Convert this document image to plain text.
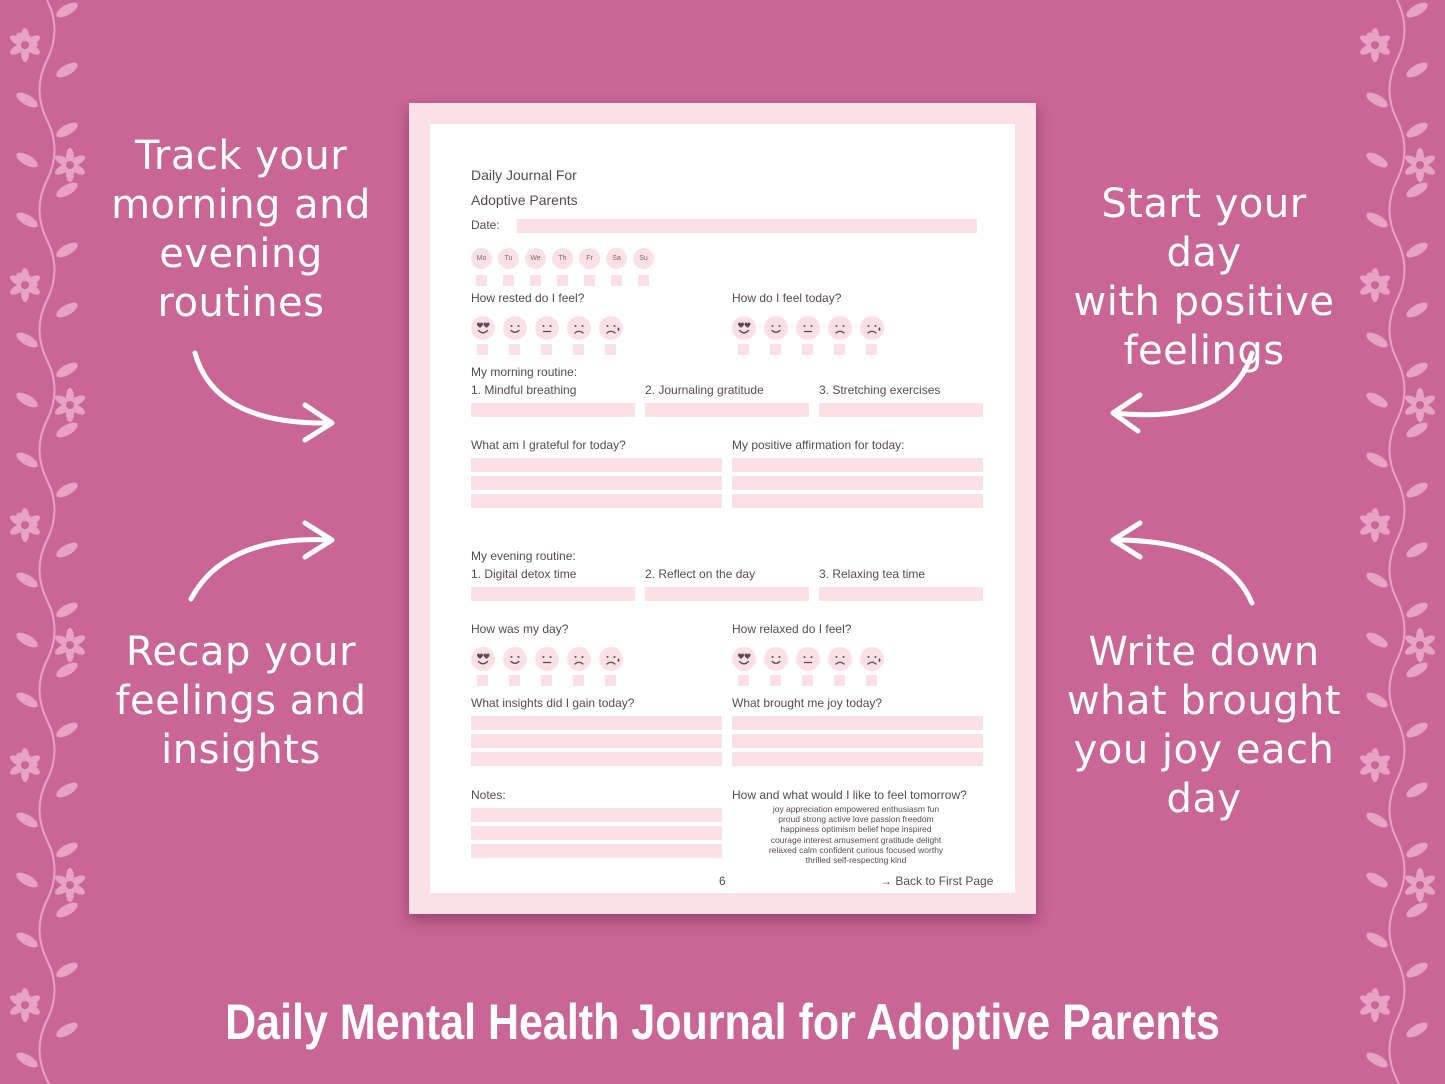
Track your
morning and
evening
routines
Recap your
feelings and
insights
Start your day
with positive
feelings
Write down
what brought
you joy each
day
Daily Journal For
Adoptive Parents
Date:
Mo	Tu	We	Th	Fr	Sa	Su
How rested do I feel?	How do I feel today?
My morning routine:
1. Mindful breathing	2. Journaling gratitude	3. Stretching exercises
What am I grateful for today?	My positive affirmation for today:
My evening routine:
1. Digital detox time	2. Reflect on the day	3. Relaxing tea time
How was my day?	How relaxed do I feel?
What insights did I gain today?	What brought me joy today?
Notes:	How and what would I like to feel tomorrow?
joy appreciation empowered enthusiasm fun
proud strong active love passion freedom
happiness optimism belief hope inspired
courage interest amusement gratitude delight
relaxed calm confident curious focused worthy
thrilled self-respecting kind
6	→ Back to First Page
Daily Mental Health Journal for Adoptive Parents
